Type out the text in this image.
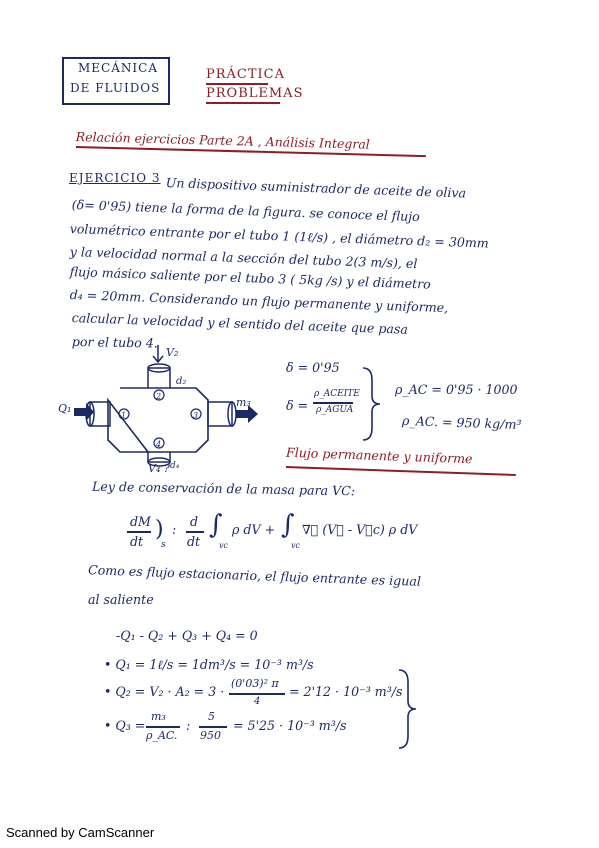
MECÁNICA
DE FLUIDOS
PRÁCTICA
PROBLEMAS
Relación ejercicios Parte 2A , Análisis Integral
EJERCICIO 3 Un dispositivo suministrador de aceite de oliva
(δ= 0'95) tiene la forma de la figura. se conoce el flujo
volumétrico entrante por el tubo 1 (1ℓ/s) , el diámetro d₂ = 30mm
y la velocidad normal a la sección del tubo 2(3 m/s), el
flujo másico saliente por el tubo 3 ( 5kg /s) y el diámetro
d₄ = 20mm. Considerando un flujo permanente y uniforme,
calcular la velocidad y el sentido del aceite que pasa
por el tubo 4.
1
2
3
4
V₂
d₂
Q₁	m₃
d₄
V₄ ?
δ = 0'95
δ =
ρ_ACEITE
ρ_AGUA
ρ_AC = 0'95 · 1000
ρ_AC. = 950 kg/m³
Flujo permanente y uniforme
Ley de conservación de la masa para VC:
dM
dt )
s
:
d
dt
∫
vc
ρ dV + ∫
vc
∇⃗ (V⃗ - V⃗c) ρ dV
Como es flujo estacionario, el flujo entrante es igual
al saliente
-Q₁ - Q₂ + Q₃ + Q₄ = 0
• Q₁ = 1ℓ/s = 1dm³/s = 10⁻³ m³/s
• Q₂ = V₂ · A₂ = 3 ·
(0'03)² π
4
= 2'12 · 10⁻³ m³/s
• Q₃ =
m₃
ρ_AC.
:
5
950
= 5'25 · 10⁻³ m³/s
Scanned by CamScanner
